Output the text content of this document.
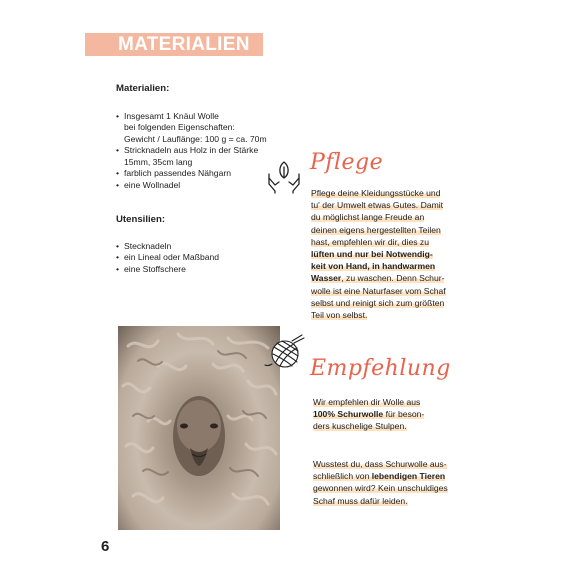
MATERIALIEN
Materialien:
• Insgesamt 1 Knäul Wolle
bei folgenden Eigenschaften:
Gewicht / Lauflänge: 100 g = ca. 70m
• Stricknadeln aus Holz in der Stärke
15mm, 35cm lang
• farblich passendes Nähgarn
• eine Wollnadel
Utensilien:
• Stecknadeln
• ein Lineal oder Maßband
• eine Stoffschere
Pflege

Pflege deine Kleidungsstücke und

tu' der Umwelt etwas Gutes. Damit

du möglichst lange Freude an

deinen eigens hergestellten Teilen

hast, empfehlen wir dir, dies zu

lüften und nur bei Notwendig-

keit von Hand, in handwarmen

Wasser, zu waschen. Denn Schur-

wolle ist eine Naturfaser vom Schaf

selbst und reinigt sich zum größten

Teil von selbst.

Empfehlung

Wir empfehlen dir Wolle aus

100% Schurwolle für beson-

ders kuschelige Stulpen.

Wusstest du, dass Schurwolle aus-

schließlich von lebendigen Tieren

gewonnen wird? Kein unschuldiges

Schaf muss dafür leiden.

6
